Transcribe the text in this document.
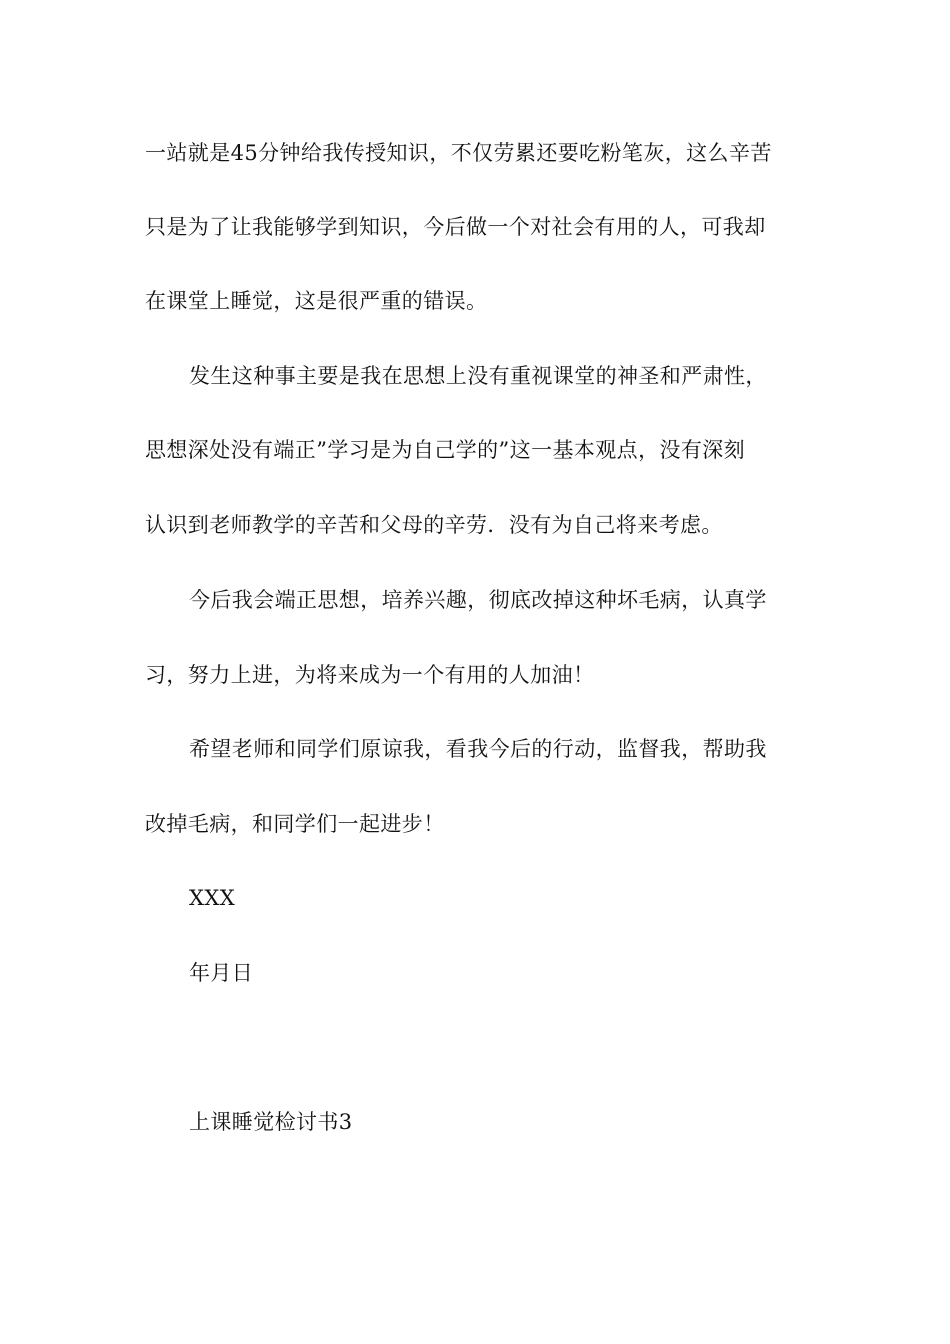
一站就是45分钟给我传授知识，不仅劳累还要吃粉笔灰，这么辛苦
只是为了让我能够学到知识，今后做一个对社会有用的人，可我却
在课堂上睡觉，这是很严重的错误。
发生这种事主要是我在思想上没有重视课堂的神圣和严肃性，
思想深处没有端正”学习是为自己学的”这一基本观点，没有深刻
认识到老师教学的辛苦和父母的辛劳．没有为自己将来考虑。
今后我会端正思想，培养兴趣，彻底改掉这种坏毛病，认真学
习，努力上进，为将来成为一个有用的人加油！
希望老师和同学们原谅我，看我今后的行动，监督我，帮助我
改掉毛病，和同学们一起进步！
XXX
年月日
上课睡觉检讨书3
